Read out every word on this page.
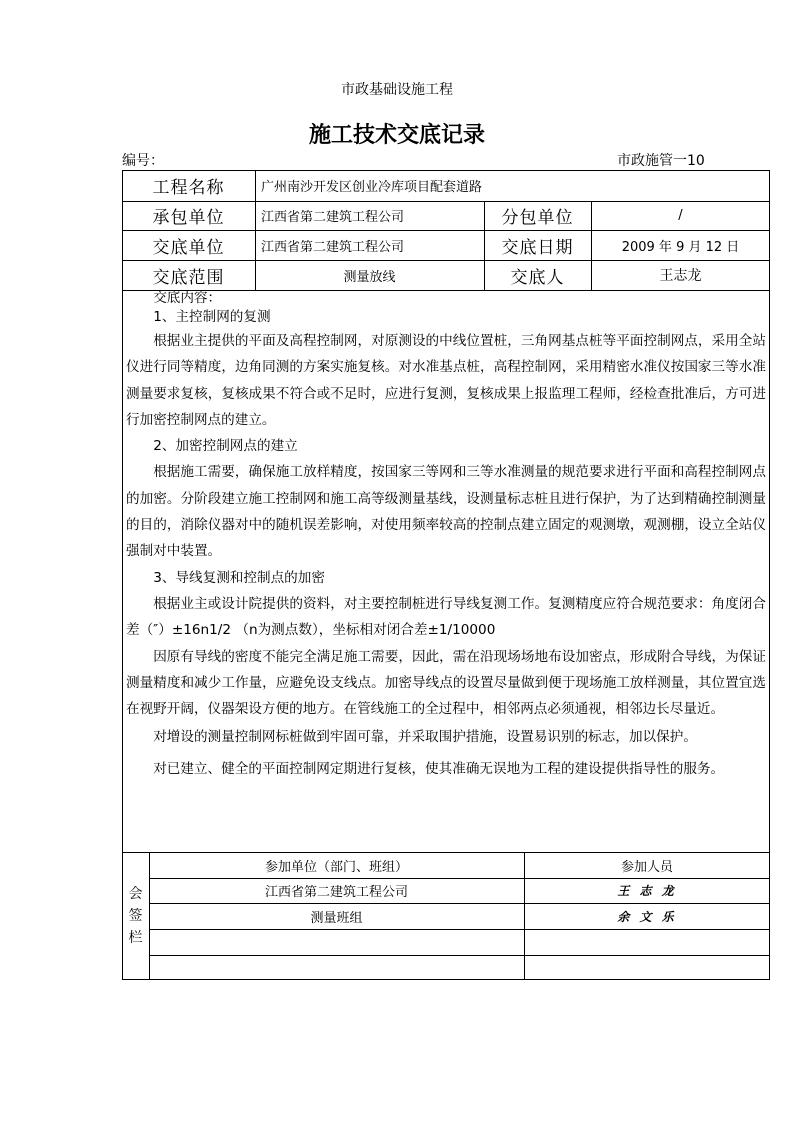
市政基础设施工程
施工技术交底记录
编号：	市政施管一10
工程名称	广州南沙开发区创业冷库项目配套道路
承包单位	江西省第二建筑工程公司	分包单位	/
交底单位	江西省第二建筑工程公司	交底日期	2009 年 9 月 12 日
交底范围	测量放线	交底人	王志龙

交底内容：

1、主控制网的复测

根据业主提供的平面及高程控制网，对原测设的中线位置桩，三角网基点桩等平面控制网点，采用全站仪进行同等精度，边角同测的方案实施复核。对水准基点桩，高程控制网，采用精密水准仪按国家三等水准测量要求复核，复核成果不符合或不足时，应进行复测，复核成果上报监理工程师，经检查批准后，方可进行加密控制网点的建立。

2、加密控制网点的建立

根据施工需要，确保施工放样精度，按国家三等网和三等水准测量的规范要求进行平面和高程控制网点的加密。分阶段建立施工控制网和施工高等级测量基线，设测量标志桩且进行保护，为了达到精确控制测量的目的，消除仪器对中的随机误差影响，对使用频率较高的控制点建立固定的观测墩，观测棚，设立全站仪强制对中装置。

3、导线复测和控制点的加密

根据业主或设计院提供的资料，对主要控制桩进行导线复测工作。复测精度应符合规范要求：角度闭合差（″）±16n1/2 （n为测点数），坐标相对闭合差±1/10000

因原有导线的密度不能完全满足施工需要，因此，需在沿现场场地布设加密点，形成附合导线，为保证测量精度和减少工作量，应避免设支线点。加密导线点的设置尽量做到便于现场施工放样测量，其位置宜选在视野开阔，仪器架设方便的地方。在管线施工的全过程中，相邻两点必须通视，相邻边长尽量近。

对增设的测量控制网标桩做到牢固可靠，并采取围护措施，设置易识别的标志，加以保护。

对已建立、健全的平面控制网定期进行复核，使其准确无误地为工程的建设提供指导性的服务。

会
签
栏
参加单位（部门、班组）	参加人员
江西省第二建筑工程公司	王 志 龙
测量班组	余 文 乐
